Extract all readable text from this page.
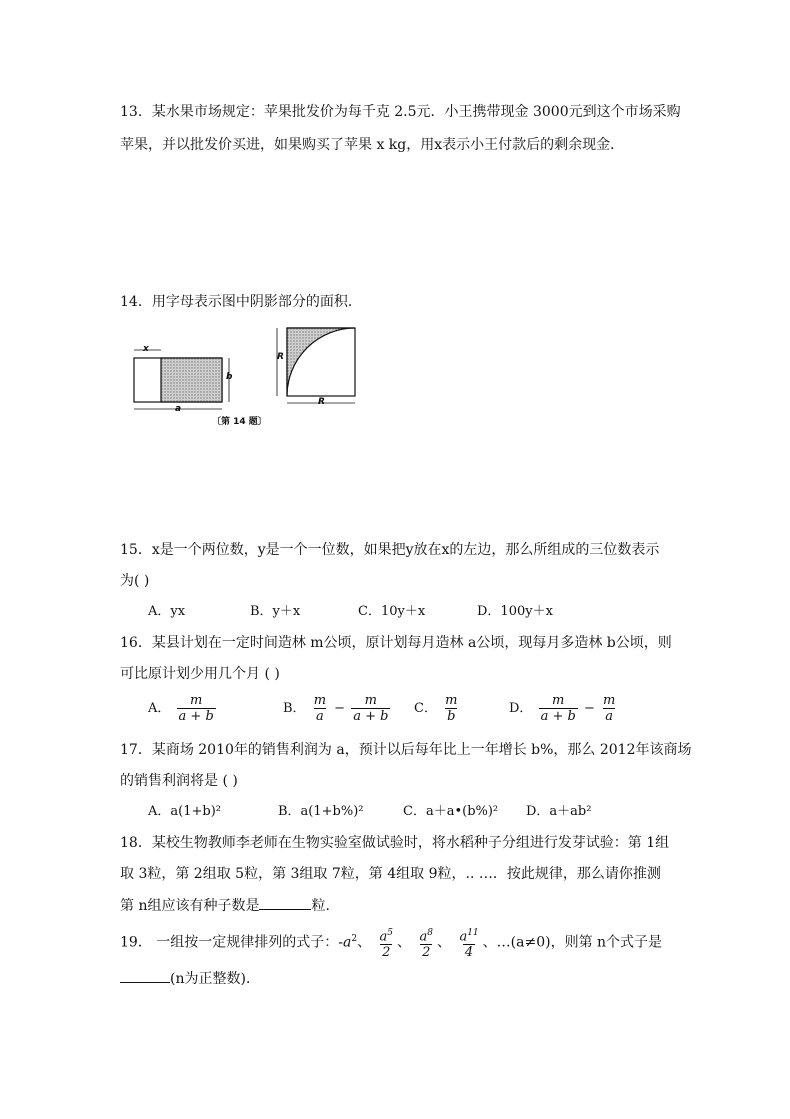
13．某水果市场规定：苹果批发价为每千克 2.5元．小王携带现金 3000元到这个市场采购
苹果，并以批发价买进，如果购买了苹果 x kg，用x表示小王付款后的剩余现金．
14．用字母表示图中阴影部分的面积．
x
b
a
R
R
〔第 14 题〕
15．x是一个两位数，y是一个一位数，如果把y放在x的左边，那么所组成的三位数表示
为( )
A．yx	B．y＋x	C．10y＋x	D．100y＋x
16．某县计划在一定时间造林 m公顷，原计划每月造林 a公顷，现每月多造林 b公顷，则
可比原计划少用几个月 ( )
A． $\frac{m}{a + b}$	B． $\frac{m}{a} - \frac{m}{a + b}$ C． $\frac{m}{b}$	D． $\frac{m}{a + b} - \frac{m}{a}$
17．某商场 2010年的销售利润为 a，预计以后每年比上一年增长 b%，那么 2012年该商场
的销售利润将是 ( )
A．a(1+b)²	B．a(1+b%)²	C．a＋a•(b%)² D．a＋ab²
18．某校生物教师李老师在生物实验室做试验时，将水稻种子分组进行发芽试验：第 1组
取 3粒，第 2组取 5粒，第 3组取 7粒，第 4组取 9粒，.. …．按此规律，那么请你推测
第 n组应该有种子数是	粒．
19． 一组按一定规律排列的式子：$-a^2$、 $\frac{a^5}{2}$ 、 $\frac{a^8}{2}$ 、 $\frac{a^{11}}{4}$ 、…(a≠0)，则第 n个式子是
(n为正整数)．
